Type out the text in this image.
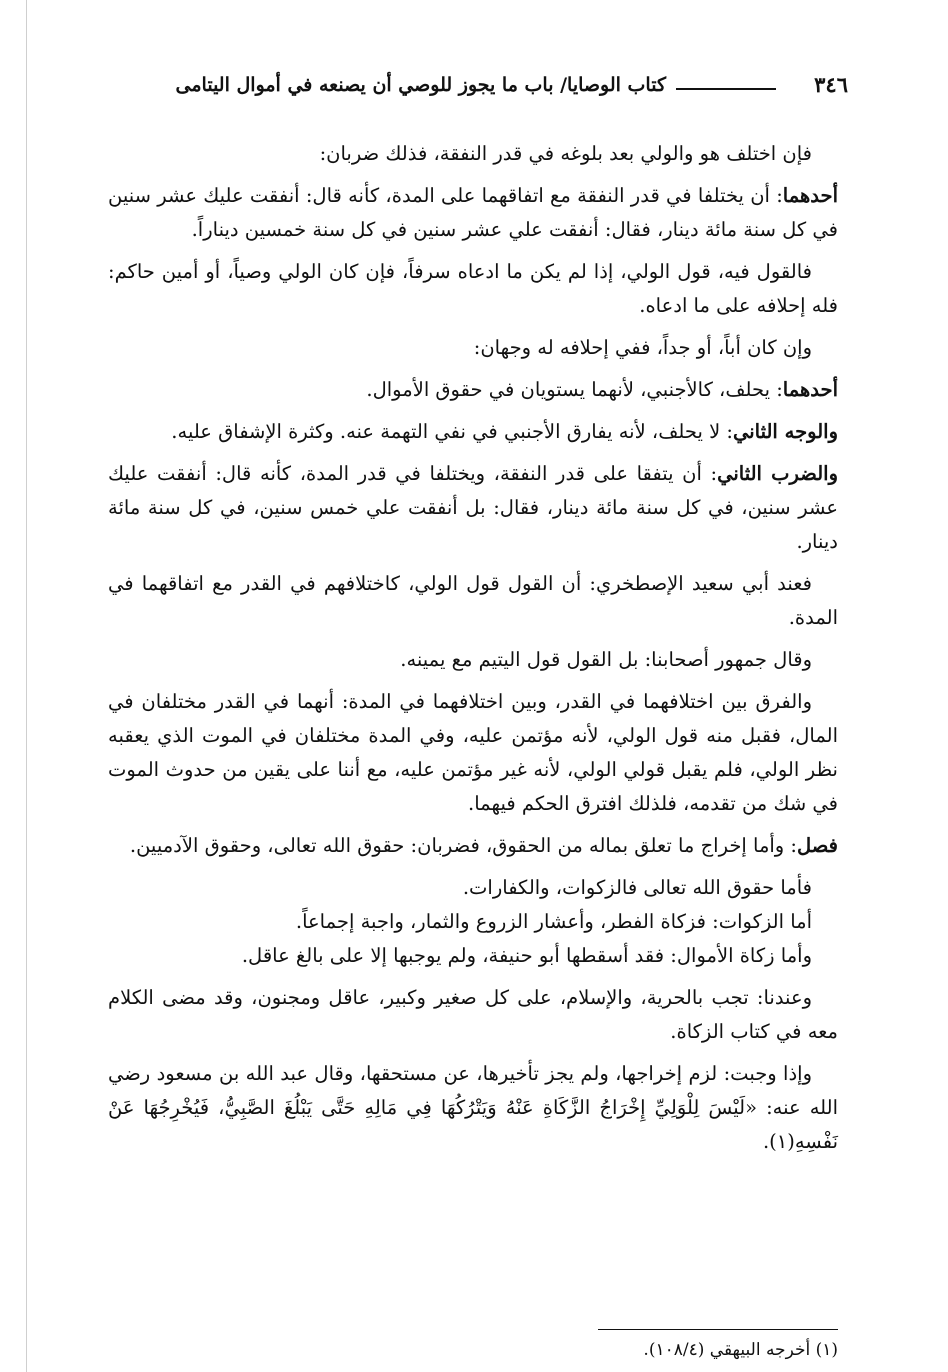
٣٤٦
كتاب الوصايا/ باب ما يجوز للوصي أن يصنعه في أموال اليتامى

فإن اختلف هو والولي بعد بلوغه في قدر النفقة، فذلك ضربان:

أحدهما: أن يختلفا في قدر النفقة مع اتفاقهما على المدة، كأنه قال: أنفقت عليك عشر سنين في كل سنة مائة دينار، فقال: أنفقت علي عشر سنين في كل سنة خمسين ديناراً.

فالقول فيه، قول الولي، إذا لم يكن ما ادعاه سرفاً، فإن كان الولي وصياً، أو أمين حاكم: فله إحلافه على ما ادعاه.

وإن كان أباً، أو جداً، ففي إحلافه له وجهان:

أحدهما: يحلف، كالأجنبي، لأنهما يستويان في حقوق الأموال.

والوجه الثاني: لا يحلف، لأنه يفارق الأجنبي في نفي التهمة عنه. وكثرة الإشفاق عليه.

والضرب الثاني: أن يتفقا على قدر النفقة، ويختلفا في قدر المدة، كأنه قال: أنفقت عليك عشر سنين، في كل سنة مائة دينار، فقال: بل أنفقت علي خمس سنين، في كل سنة مائة دينار.

فعند أبي سعيد الإصطخري: أن القول قول الولي، كاختلافهم في القدر مع اتفاقهما في المدة.

وقال جمهور أصحابنا: بل القول قول اليتيم مع يمينه.

والفرق بين اختلافهما في القدر، وبين اختلافهما في المدة: أنهما في القدر مختلفان في المال، فقبل منه قول الولي، لأنه مؤتمن عليه، وفي المدة مختلفان في الموت الذي يعقبه نظر الولي، فلم يقبل قولي الولي، لأنه غير مؤتمن عليه، مع أننا على يقين من حدوث الموت في شك من تقدمه، فلذلك افترق الحكم فيهما.

فصل: وأما إخراج ما تعلق بماله من الحقوق، فضربان: حقوق الله تعالى، وحقوق الآدميين.

فأما حقوق الله تعالى فالزكوات، والكفارات.

أما الزكوات: فزكاة الفطر، وأعشار الزروع والثمار، واجبة إجماعاً.

وأما زكاة الأموال: فقد أسقطها أبو حنيفة، ولم يوجبها إلا على بالغ عاقل.

وعندنا: تجب بالحرية، والإسلام، على كل صغير وكبير، عاقل ومجنون، وقد مضى الكلام معه في كتاب الزكاة.

وإذا وجبت: لزم إخراجها، ولم يجز تأخيرها، عن مستحقها، وقال عبد الله بن مسعود رضي الله عنه: «لَيْسَ لِلْوَلِيِّ إِخْرَاجُ الزَّكَاةِ عَنْهُ وَيَتْرُكُهَا فِي مَالِهِ حَتَّى يَبْلُغَ الصَّبِيُّ، فَيُخْرِجُهَا عَنْ نَفْسِهِ(١).

(١) أخرجه البيهقي (١٠٨/٤).
